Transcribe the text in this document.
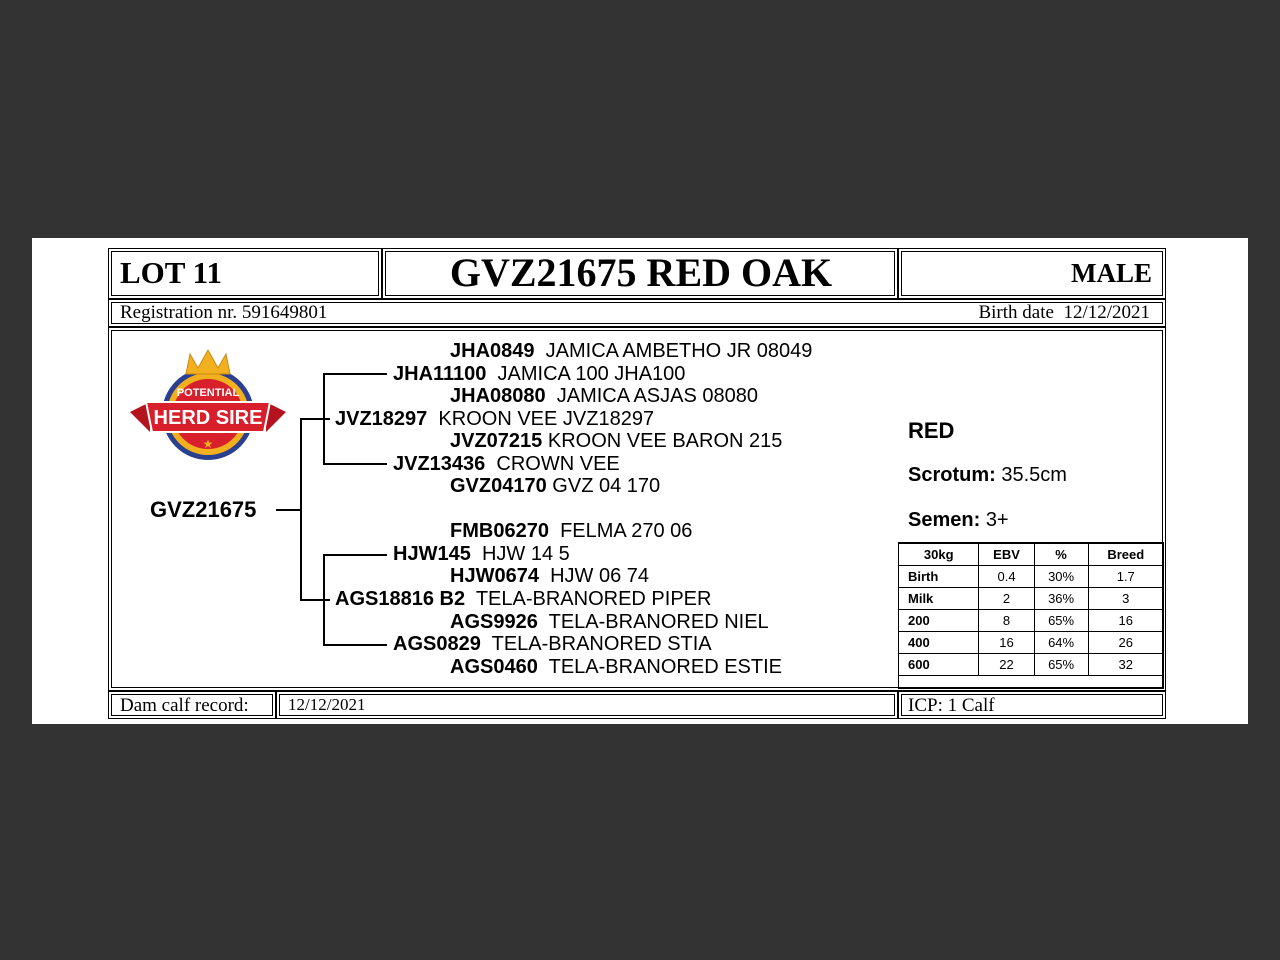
LOT 11	GVZ21675 RED OAK	MALE
Registration nr. 591649801	Birth date 12/12/2021
POTENTIAL
HERD SIRE
★
GVZ21675
JHA0849 JAMICA AMBETHO JR 08049
JHA11100 JAMICA 100 JHA100
JHA08080 JAMICA ASJAS 08080
JVZ18297 KROON VEE JVZ18297
JVZ07215 KROON VEE BARON 215
JVZ13436 CROWN VEE
GVZ04170 GVZ 04 170
FMB06270 FELMA 270 06
HJW145 HJW 14 5
HJW0674 HJW 06 74
AGS18816 B2 TELA-BRANORED PIPER
AGS9926 TELA-BRANORED NIEL
AGS0829 TELA-BRANORED STIA
AGS0460 TELA-BRANORED ESTIE
RED
Scrotum: 35.5cm
Semen: 3+
30kg	EBV	%	Breed
Birth	0.4	30%	1.7
Milk	2	36%	3
200	8	65%	16
400	16	64%	26
600	22	65%	32
Dam calf record: 12/12/2021	ICP: 1 Calf
